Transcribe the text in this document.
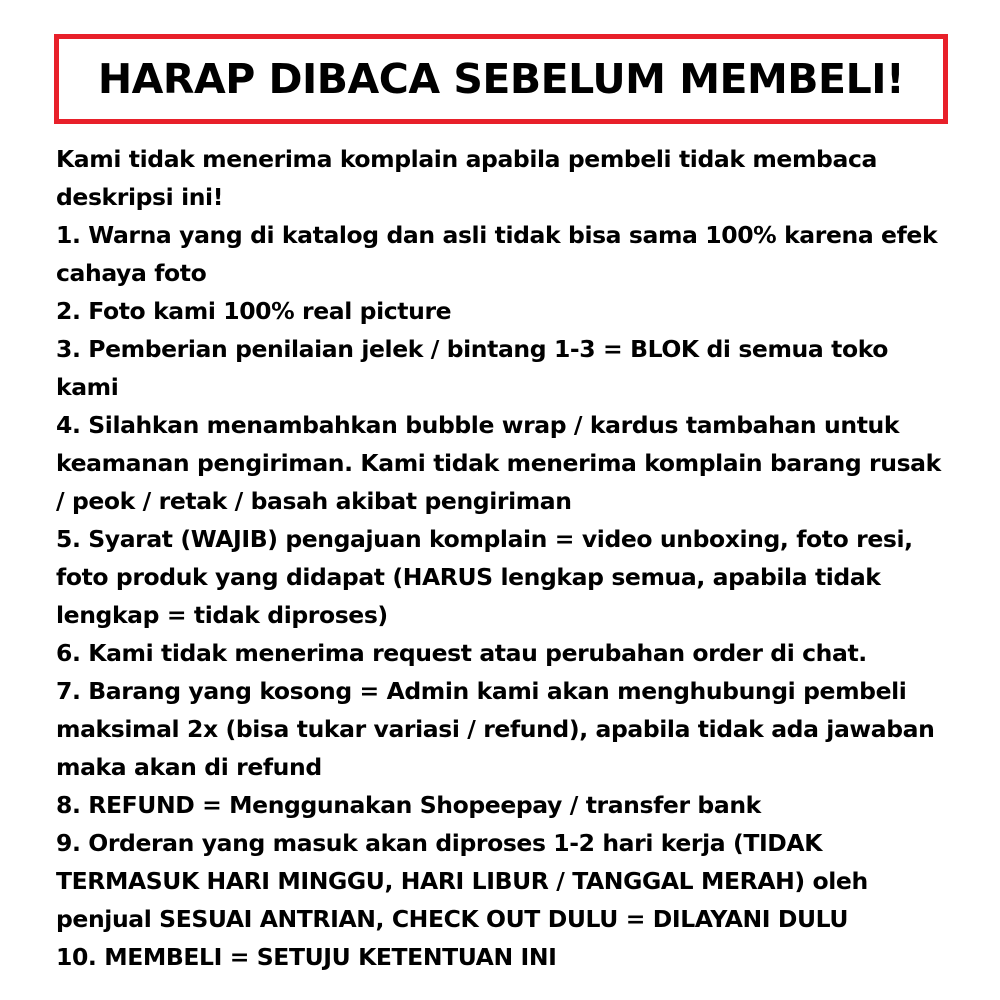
HARAP DIBACA SEBELUM MEMBELI!

Kami tidak menerima komplain apabila pembeli tidak membaca deskripsi ini!

1. Warna yang di katalog dan asli tidak bisa sama 100% karena efek cahaya foto

2. Foto kami 100% real picture

3. Pemberian penilaian jelek / bintang 1-3 = BLOK di semua toko kami

4. Silahkan menambahkan bubble wrap / kardus tambahan untuk keamanan pengiriman. Kami tidak menerima komplain barang rusak / peok / retak / basah akibat pengiriman

5. Syarat (WAJIB) pengajuan komplain = video unboxing, foto resi, foto produk yang didapat (HARUS lengkap semua, apabila tidak lengkap = tidak diproses)

6. Kami tidak menerima request atau perubahan order di chat.

7. Barang yang kosong = Admin kami akan menghubungi pembeli maksimal 2x (bisa tukar variasi / refund), apabila tidak ada jawaban maka akan di refund

8. REFUND = Menggunakan Shopeepay / transfer bank

9. Orderan yang masuk akan diproses 1-2 hari kerja (TIDAK TERMASUK HARI MINGGU, HARI LIBUR / TANGGAL MERAH) oleh penjual SESUAI ANTRIAN, CHECK OUT DULU = DILAYANI DULU

10. MEMBELI = SETUJU KETENTUAN INI
